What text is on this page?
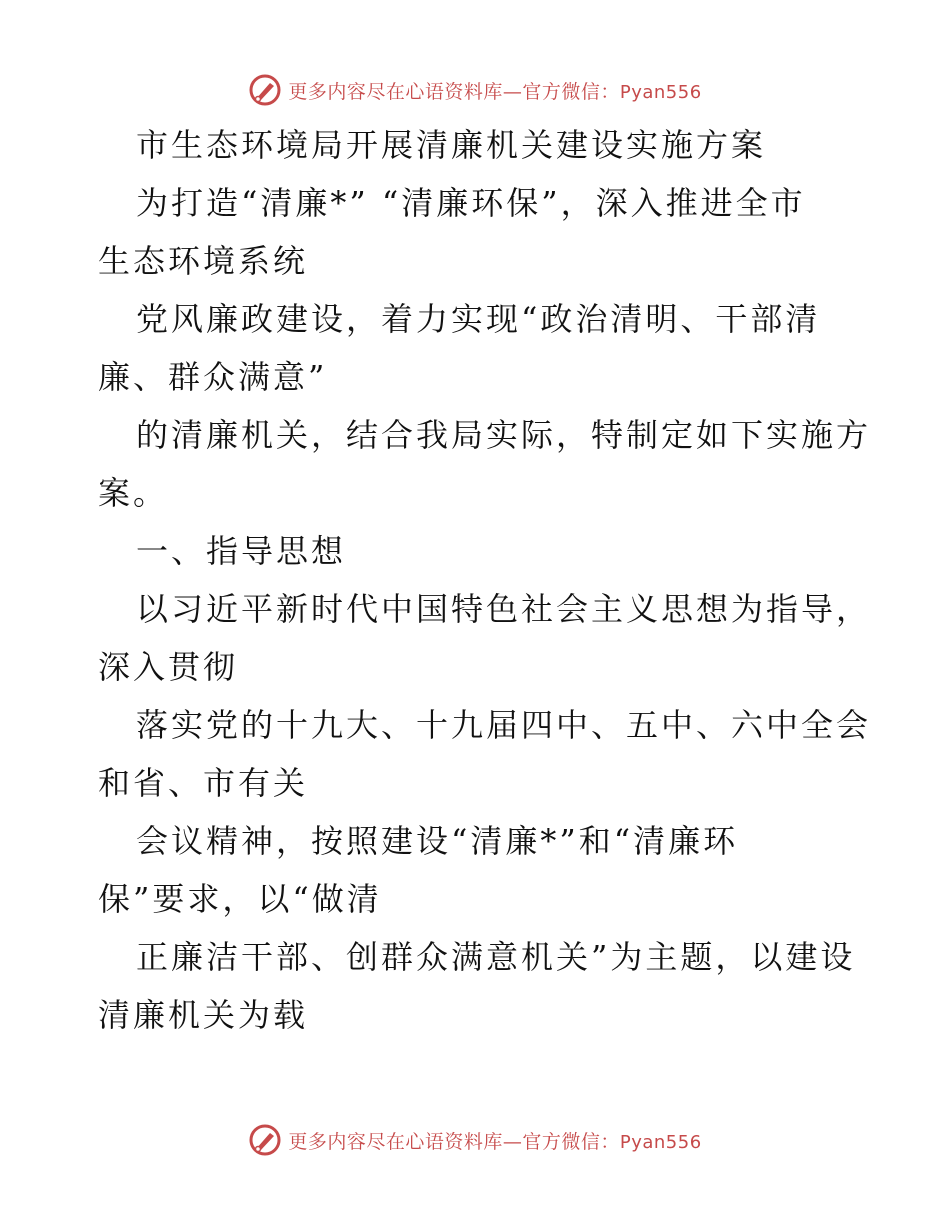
更多内容尽在心语资料库—官方微信：Pyan556
市生态环境局开展清廉机关建设实施方案
为打造“清廉*” “清廉环保”，深入推进全市
生态环境系统
党风廉政建设，着力实现“政治清明、干部清
廉、群众满意”
的清廉机关，结合我局实际，特制定如下实施方
案。
一、指导思想
以习近平新时代中国特色社会主义思想为指导，
深入贯彻
落实党的十九大、十九届四中、五中、六中全会
和省、市有关
会议精神，按照建设“清廉*”和“清廉环
保”要求，以“做清
正廉洁干部、创群众满意机关”为主题，以建设
清廉机关为载
更多内容尽在心语资料库—官方微信：Pyan556
